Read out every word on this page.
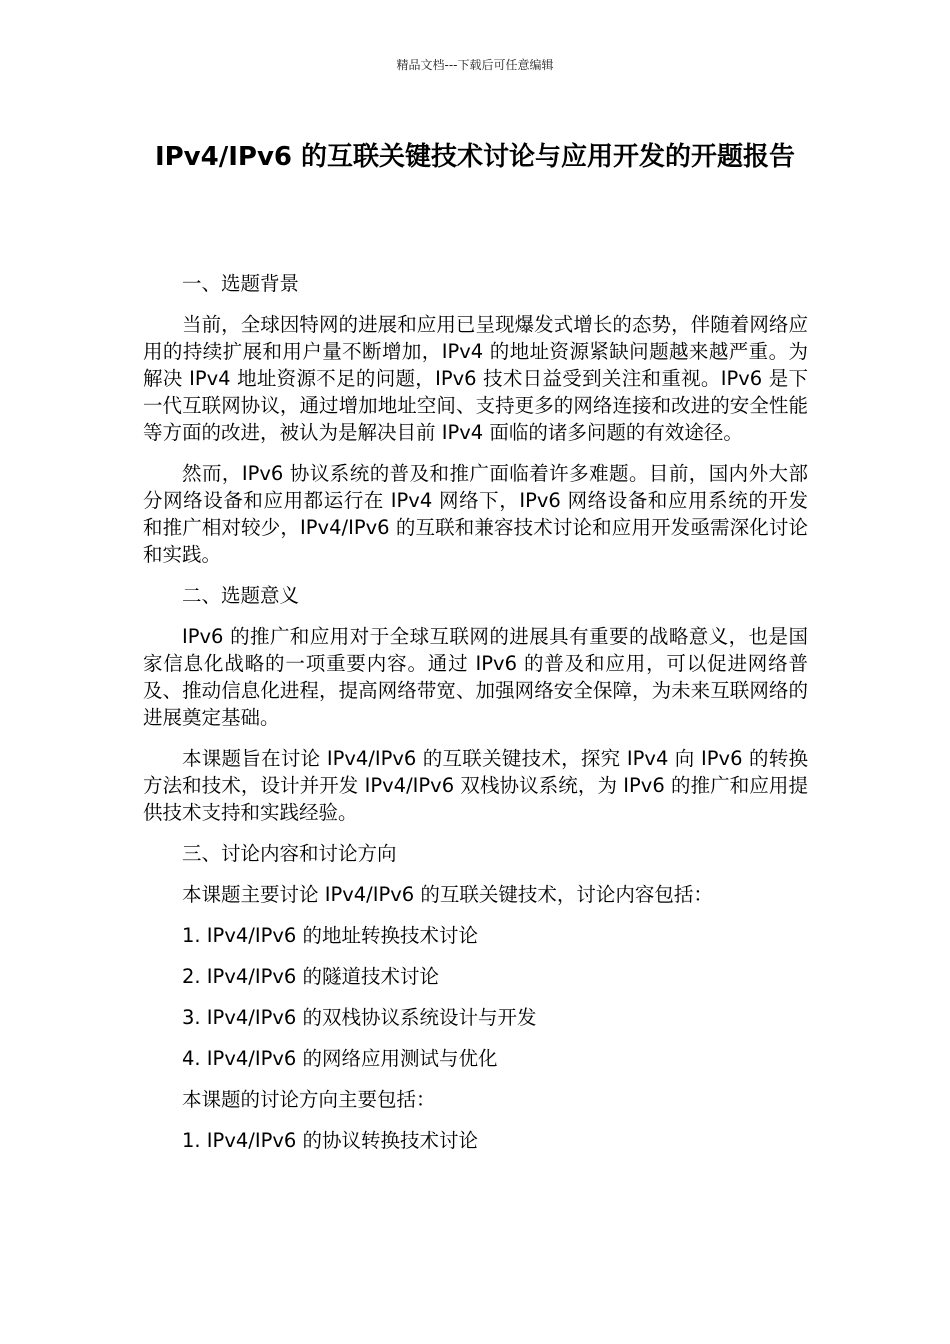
精品文档---下载后可任意编辑
IPv4/IPv6 的互联关键技术讨论与应用开发的开题报告
一、选题背景

当前，全球因特网的进展和应用已呈现爆发式增长的态势，伴随着网络应用的持续扩展和用户量不断增加，IPv4 的地址资源紧缺问题越来越严重。为解决 IPv4 地址资源不足的问题，IPv6 技术日益受到关注和重视。IPv6 是下一代互联网协议，通过增加地址空间、支持更多的网络连接和改进的安全性能等方面的改进，被认为是解决目前 IPv4 面临的诸多问题的有效途径。

然而，IPv6 协议系统的普及和推广面临着许多难题。目前，国内外大部分网络设备和应用都运行在 IPv4 网络下，IPv6 网络设备和应用系统的开发和推广相对较少，IPv4/IPv6 的互联和兼容技术讨论和应用开发亟需深化讨论和实践。

二、选题意义

IPv6 的推广和应用对于全球互联网的进展具有重要的战略意义，也是国家信息化战略的一项重要内容。通过 IPv6 的普及和应用，可以促进网络普及、推动信息化进程，提高网络带宽、加强网络安全保障，为未来互联网络的进展奠定基础。

本课题旨在讨论 IPv4/IPv6 的互联关键技术，探究 IPv4 向 IPv6 的转换方法和技术，设计并开发 IPv4/IPv6 双栈协议系统，为 IPv6 的推广和应用提供技术支持和实践经验。

三、讨论内容和讨论方向
本课题主要讨论 IPv4/IPv6 的互联关键技术，讨论内容包括：
1. IPv4/IPv6 的地址转换技术讨论
2. IPv4/IPv6 的隧道技术讨论
3. IPv4/IPv6 的双栈协议系统设计与开发
4. IPv4/IPv6 的网络应用测试与优化
本课题的讨论方向主要包括：
1. IPv4/IPv6 的协议转换技术讨论
